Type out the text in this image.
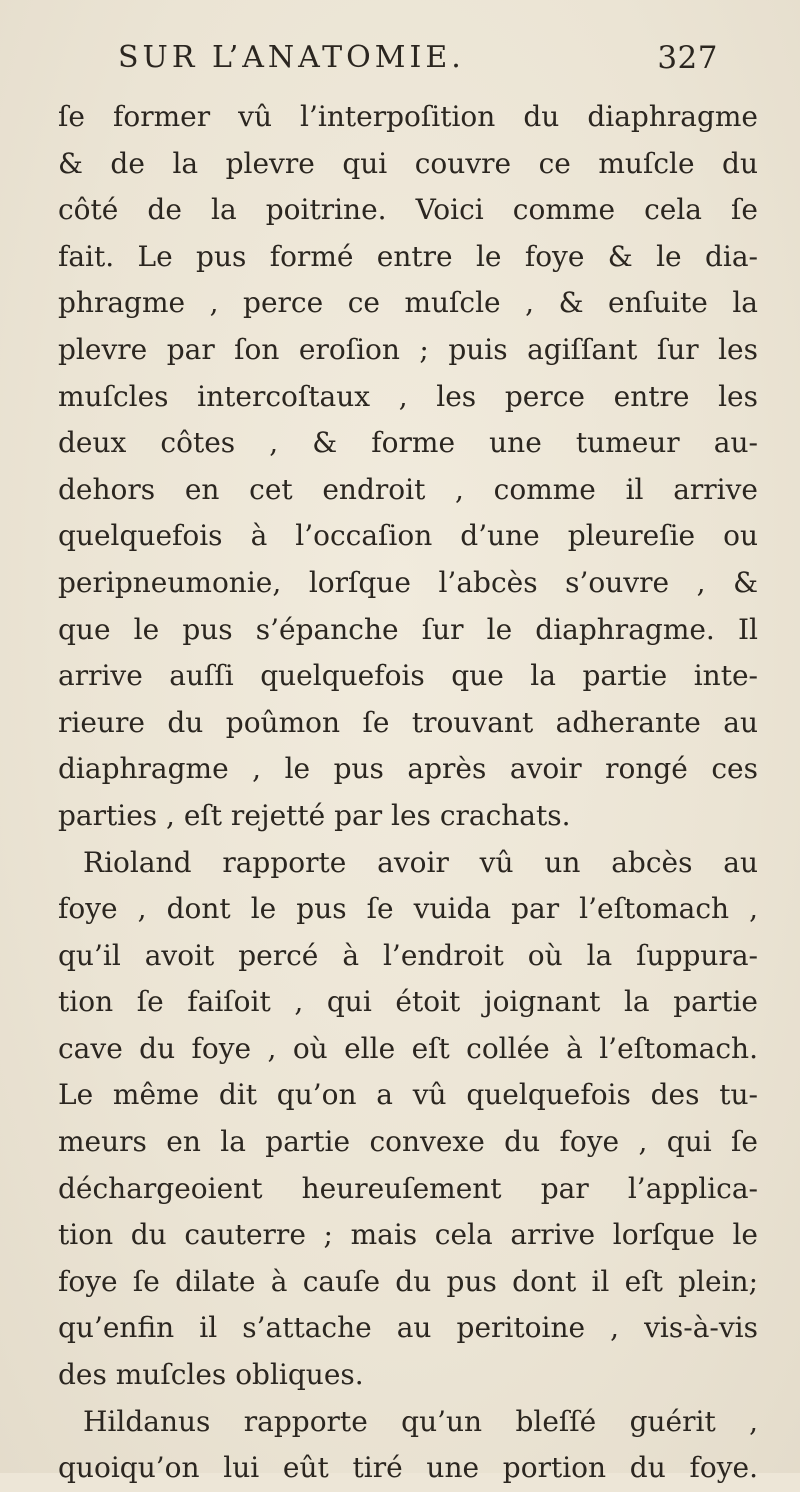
SUR L’ANATOMIE.	327
ſe former vû l’interpoſition du diaphragme
& de la plevre qui couvre ce muſcle du
côté de la poitrine. Voici comme cela ſe
fait. Le pus formé entre le foye & le dia-
phragme , perce ce muſcle , & enſuite la
plevre par ſon eroſion ; puis agiſſant ſur les
muſcles intercoſtaux , les perce entre les
deux côtes , & forme une tumeur au-
dehors en cet endroit , comme il arrive
quelquefois à l’occaſion d’une pleureſie ou
peripneumonie, lorſque l’abcès s’ouvre , &
que le pus s’épanche ſur le diaphragme. Il
arrive auſſi quelquefois que la partie inte-
rieure du poûmon ſe trouvant adherante au
diaphragme , le pus après avoir rongé ces
parties , eſt rejetté par les crachats.
Rioland rapporte avoir vû un abcès au
foye , dont le pus ſe vuida par l’eſtomach ,
qu’il avoit percé à l’endroit où la ſuppura-
tion ſe faiſoit , qui étoit joignant la partie
cave du foye , où elle eſt collée à l’eſtomach.
Le même dit qu’on a vû quelquefois des tu-
meurs en la partie convexe du foye , qui ſe
déchargeoient heureuſement par l’applica-
tion du cauterre ; mais cela arrive lorſque le
foye ſe dilate à cauſe du pus dont il eſt plein;
qu’enfin il s’attache au peritoine , vis-à-vis
des muſcles obliques.
Hildanus rapporte qu’un bleſſé guérit ,
quoiqu’on lui eût tiré une portion du foye.
